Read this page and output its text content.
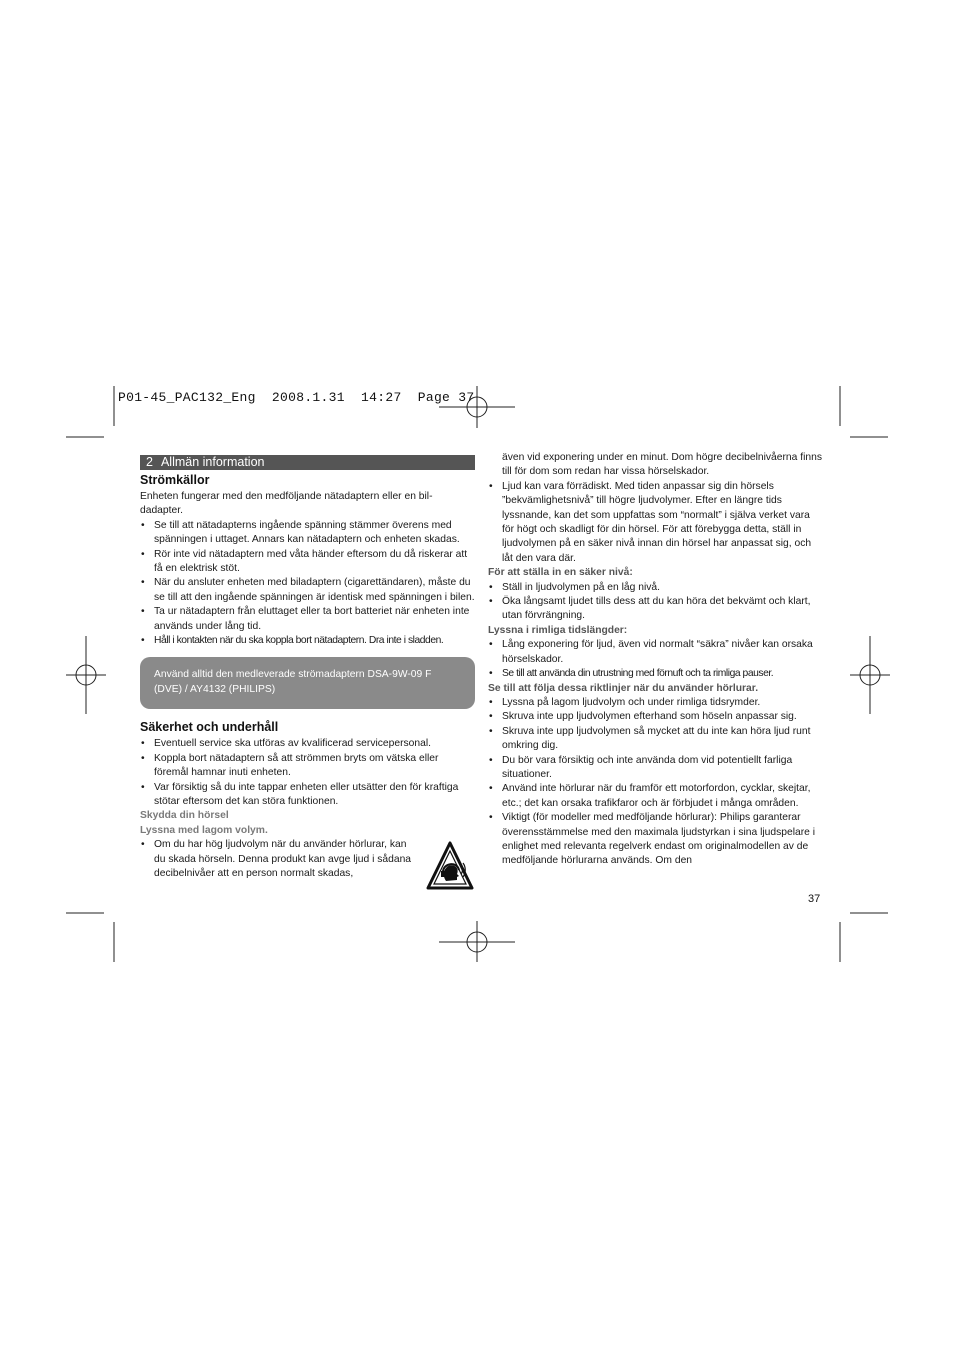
P01-45_PAC132_Eng  2008.1.31  14:27  Page 37
2 Allmän information
Strömkällor

Enheten fungerar med den medföljande nätadaptern eller en bil-dadapter.

• Se till att nätadapterns ingående spänning stämmer överens med spänningen i uttaget. Annars kan nätadaptern och enheten skadas.
• Rör inte vid nätadaptern med våta händer eftersom du då riskerar att få en elektrisk stöt.
• När du ansluter enheten med biladaptern (cigarettändaren), måste du se till att den ingående spänningen är identisk med spänningen i bilen.
• Ta ur nätadaptern från eluttaget eller ta bort batteriet när enheten inte används under lång tid.
• Håll i kontakten när du ska koppla bort nätadaptern. Dra inte i sladden.
Använd alltid den medleverade strömadaptern DSA-9W-09 F (DVE) / AY4132 (PHILIPS)
Säkerhet och underhåll
• Eventuell service ska utföras av kvalificerad servicepersonal.
• Koppla bort nätadaptern så att strömmen bryts om vätska eller föremål hamnar inuti enheten.
• Var försiktig så du inte tappar enheten eller utsätter den för kraftiga stötar eftersom det kan störa funktionen.

Skydda din hörsel

Lyssna med lagom volym.

• Om du har hög ljudvolym när du använder hörlurar, kan du skada hörseln. Denna produkt kan avge ljud i sådana decibelnivåer att en person normalt skadas,

även vid exponering under en minut. Dom högre decibelnivåerna finns till för dom som redan har vissa hörselskador.

• Ljud kan vara förrädiskt. Med tiden anpassar sig din hörsels ”bekvämlighetsnivå” till högre ljudvolymer. Efter en längre tids lyssnande, kan det som uppfattas som “normalt” i själva verket vara för högt och skadligt för din hörsel. För att förebygga detta, ställ in ljudvolymen på en säker nivå innan din hörsel har anpassat sig, och låt den vara där.

För att ställa in en säker nivå:

• Ställ in ljudvolymen på en låg nivå.
• Öka långsamt ljudet tills dess att du kan höra det bekvämt och klart, utan förvrängning.

Lyssna i rimliga tidslängder:

• Lång exponering för ljud, även vid normalt “säkra” nivåer kan orsaka hörselskador.
• Se till att använda din utrustning med förnuft och ta rimliga pauser.

Se till att följa dessa riktlinjer när du använder hörlurar.

• Lyssna på lagom ljudvolym och under rimliga tidsrymder.
• Skruva inte upp ljudvolymen efterhand som höseln anpassar sig.
• Skruva inte upp ljudvolymen så mycket att du inte kan höra ljud runt omkring dig.
• Du bör vara försiktig och inte använda dom vid potentiellt farliga situationer.
• Använd inte hörlurar när du framför ett motorfordon, cycklar, skejtar, etc.; det kan orsaka trafikfaror och är förbjudet i många områden.
• Viktigt (för modeller med medföljande hörlurar): Philips garanterar överensstämmelse med den maximala ljudstyrkan i sina ljudspelare i enlighet med relevanta regelverk endast om originalmodellen av de medföljande hörlurarna används. Om den
37
